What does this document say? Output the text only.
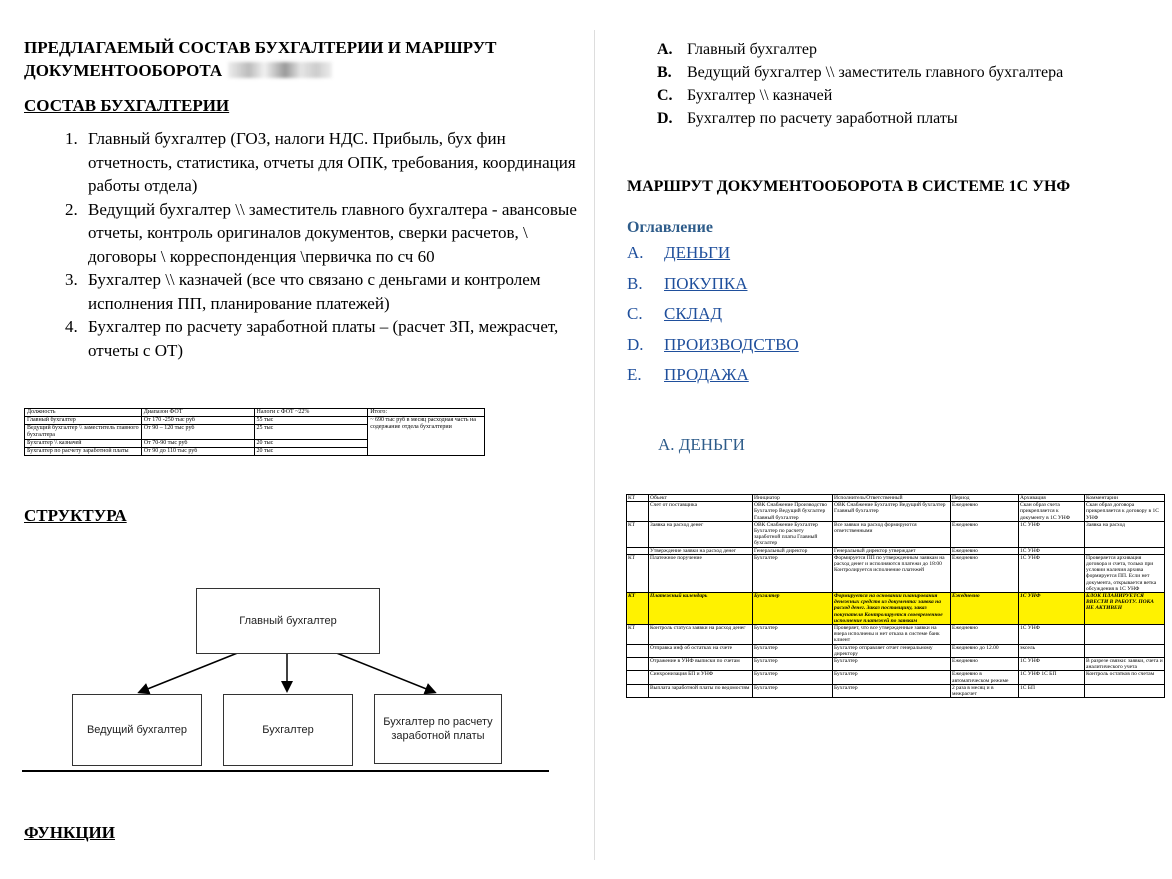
ПРЕДЛАГАЕМЫЙ СОСТАВ БУХГАЛТЕРИИ И МАРШРУТ ДОКУМЕНТООБОРОТА
СОСТАВ БУХГАЛТЕРИИ
1. Главный бухгалтер (ГОЗ, налоги НДС. Прибыль, бух фин отчетность, статистика, отчеты для ОПК, требования, координация работы отдела)
2. Ведущий бухгалтер \\ заместитель главного бухгалтера - авансовые отчеты, контроль оригиналов документов, сверки расчетов, \ договоры \ корреспонденция \первичка по сч 60
3. Бухгалтер \\ казначей (все что связано с деньгами и контролем исполнения ПП, планирование платежей)
4. Бухгалтер по расчету заработной платы – (расчет ЗП, межрасчет, отчеты с ОТ)
Должность	Диапазон ФОТ	Налоги с ФОТ ~22%	Итого:
Главный бухгалтер	От 170 -250 тыс руб	55 тыс	~ 690 тыс руб в месяц расходная часть на содержание отдела бухгалтерии
Ведущий бухгалтер \\ заместитель главного бухгалтера	От 90 – 120 тыс руб	25 тыс	
Бухгалтер \\ казначей	От 70-90 тыс руб	20 тыс	
Бухгалтер по расчету заработной платы	От 90 до 110 тыс руб	20 тыс	
СТРУКТУРА
Главный бухгалтер
Ведущий бухгалтер	Бухгалтер
Бухгалтер по расчету заработной платы
ФУНКЦИИ
A. Главный бухгалтер
B. Ведущий бухгалтер \\ заместитель главного бухгалтера
C. Бухгалтер \\ казначей
D. Бухгалтер по расчету заработной платы
МАРШРУТ ДОКУМЕНТООБОРОТА В СИСТЕМЕ 1С УНФ
Оглавление
A. ДЕНЬГИ
B. ПОКУПКА
C. СКЛАД
D. ПРОИЗВОДСТВО
E. ПРОДАЖА
A. ДЕНЬГИ
КТ	Объект	Инициатор	Исполнитель/Ответственный	Период	Архивация	Комментарии
	Счет от поставщика	ОВК Снабжение Производство Бухгалтер Ведущий бухгалтер Главный бухгалтер	ОВК Снабжение Бухгалтер Ведущий бухгалтер Главный бухгалтер	Ежедневно	Скан образ счета прикрепляется к документу в 1С УНФ	Скан образ договора прикрепляется к договору в 1С УНФ
КТ	Заявка на расход денег	ОВК Снабжение Бухгалтер Бухгалтер по расчету заработной платы Главный бухгалтер	Все заявки на расход формируются ответственными	Ежедневно	1С УНФ	Заявка на расход
	Утверждение заявки на расход денег	Генеральный директор	Генеральный директор утверждает	Ежедневно	1С УНФ	
КТ	Платежное поручение	Бухгалтер	Формируется ПП по утвержденным заявкам на расход денег и исполняются платежи до 18:00 Контролируется исполнение платежей	Ежедневно	1С УНФ	Проверяется архивация договора и счета, только при условии наличия архива формируется ПП. Если нет документа, открывается ветка обсуждения в 1С УНФ
КТ	Платежный календарь	Бухгалтер	Формируется на основании планирования денежных средств из документа: заявка на расход денег. Заказ поставщику, заказ покупателя Контролируется своевременное исполнение платежей по заявкам	Ежедневно	1С УНФ	БЛОК ПЛАНИРУЕТСЯ ВВЕСТИ В РАБОТУ. ПОКА НЕ АКТИВЕН
КТ	Контроль статуса заявки на расход денег	Бухгалтер	Проверяет, что все утвержденные заявки на вчера исполнены и нет отказа в системе банк клиент	Ежедневно	1С УНФ	
	Отправка инф об остатках на счете	Бухгалтер	Бухгалтер отправляет отчет генеральному директору	Ежедневно до 12.00	эксель	
	Отражение в УНФ выписки по счетам	Бухгалтер	Бухгалтер	Ежедневно	1С УНФ	В разрезе связки: заявки, счета и аналитического учета
	Синхронизация БП и УНФ	Бухгалтер	Бухгалтер	Ежедневно в автоматическом режиме	1С УНФ 1С БП	Контроль остатков по счетам
	Выплата заработной платы по ведомостям	Бухгалтер	Бухгалтер	2 раза в месяц и в межрасчет	1С БП	
